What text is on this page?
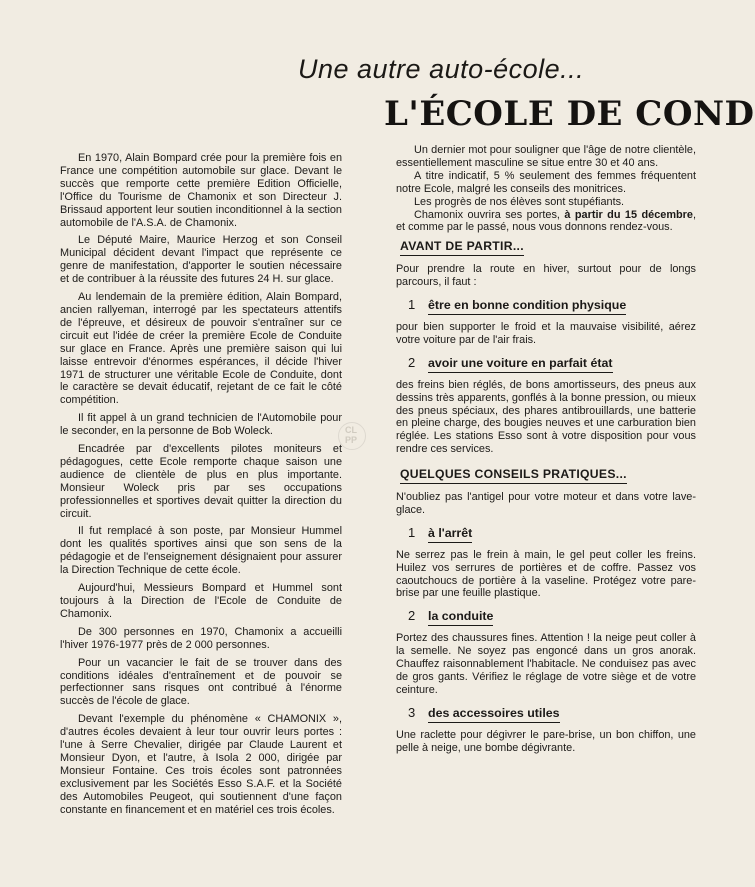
Une autre auto-école...
L'ÉCOLE DE COND

En 1970, Alain Bompard crée pour la première fois en France une compétition automobile sur glace. Devant le succès que remporte cette première Edition Officielle, l'Office du Tourisme de Chamonix et son Directeur J. Brissaud apportent leur soutien inconditionnel à la section automobile de l'A.S.A. de Chamonix.

Le Député Maire, Maurice Herzog et son Conseil Municipal décident devant l'impact que représente ce genre de manifestation, d'apporter le soutien nécessaire et de contribuer à la réussite des futures 24 H. sur glace.

Au lendemain de la première édition, Alain Bompard, ancien rallyeman, interrogé par les spectateurs attentifs de l'épreuve, et désireux de pouvoir s'entraîner sur ce circuit eut l'idée de créer la première Ecole de Conduite sur glace en France. Après une première saison qui lui laisse entrevoir d'énormes espérances, il décide l'hiver 1971 de structurer une véritable Ecole de Conduite, dont le caractère se devait éducatif, rejetant de ce fait le côté compétition.

Il fit appel à un grand technicien de l'Automobile pour le seconder, en la personne de Bob Woleck.

Encadrée par d'excellents pilotes moniteurs et pédagogues, cette Ecole remporte chaque saison une audience de clientèle de plus en plus importante. Monsieur Woleck pris par ses occupations professionnelles et sportives devait quitter la direction du circuit.

Il fut remplacé à son poste, par Monsieur Hummel dont les qualités sportives ainsi que son sens de la pédagogie et de l'enseignement désignaient pour assurer la Direction Technique de cette école.

Aujourd'hui, Messieurs Bompard et Hummel sont toujours à la Direction de l'Ecole de Conduite de Chamonix.

De 300 personnes en 1970, Chamonix a accueilli l'hiver 1976-1977 près de 2 000 personnes.

Pour un vacancier le fait de se trouver dans des conditions idéales d'entraînement et de pouvoir se perfectionner sans risques ont contribué à l'énorme succès de l'école de glace.

Devant l'exemple du phénomène « CHAMONIX », d'autres écoles devaient à leur tour ouvrir leurs portes : l'une à Serre Chevalier, dirigée par Claude Laurent et Monsieur Dyon, et l'autre, à Isola 2 000, dirigée par Monsieur Fontaine. Ces trois écoles sont patronnées exclusivement par les Sociétés Esso S.A.F. et la Société des Automobiles Peugeot, qui soutiennent d'une façon constante en financement et en matériel ces trois écoles.

CL
PP

Un dernier mot pour souligner que l'âge de notre clientèle, essentiellement masculine se situe entre 30 et 40 ans.

A titre indicatif, 5 % seulement des femmes fréquentent notre Ecole, malgré les conseils des monitrices.

Les progrès de nos élèves sont stupéfiants.

Chamonix ouvrira ses portes, à partir du 15 décembre, et comme par le passé, nous vous donnons rendez-vous.

AVANT DE PARTIR...

Pour prendre la route en hiver, surtout pour de longs parcours, il faut :

1	être en bonne condition physique

pour bien supporter le froid et la mauvaise visibilité, aérez votre voiture par de l'air frais.

2	avoir une voiture en parfait état

des freins bien réglés, de bons amortisseurs, des pneus aux dessins très apparents, gonflés à la bonne pression, ou mieux des pneus spéciaux, des phares antibrouillards, une batterie en pleine charge, des bougies neuves et une carburation bien réglée. Les stations Esso sont à votre disposition pour vous rendre ces services.

QUELQUES CONSEILS PRATIQUES...

N'oubliez pas l'antigel pour votre moteur et dans votre lave-glace.

1	à l'arrêt

Ne serrez pas le frein à main, le gel peut coller les freins. Huilez vos serrures de portières et de coffre. Passez vos caoutchoucs de portière à la vaseline. Protégez votre pare-brise par une feuille plastique.

2	la conduite

Portez des chaussures fines. Attention ! la neige peut coller à la semelle. Ne soyez pas engoncé dans un gros anorak. Chauffez raisonnablement l'habitacle. Ne conduisez pas avec de gros gants. Vérifiez le réglage de votre siège et de votre ceinture.

3	des accessoires utiles

Une raclette pour dégivrer le pare-brise, un bon chiffon, une pelle à neige, une bombe dégivrante.
